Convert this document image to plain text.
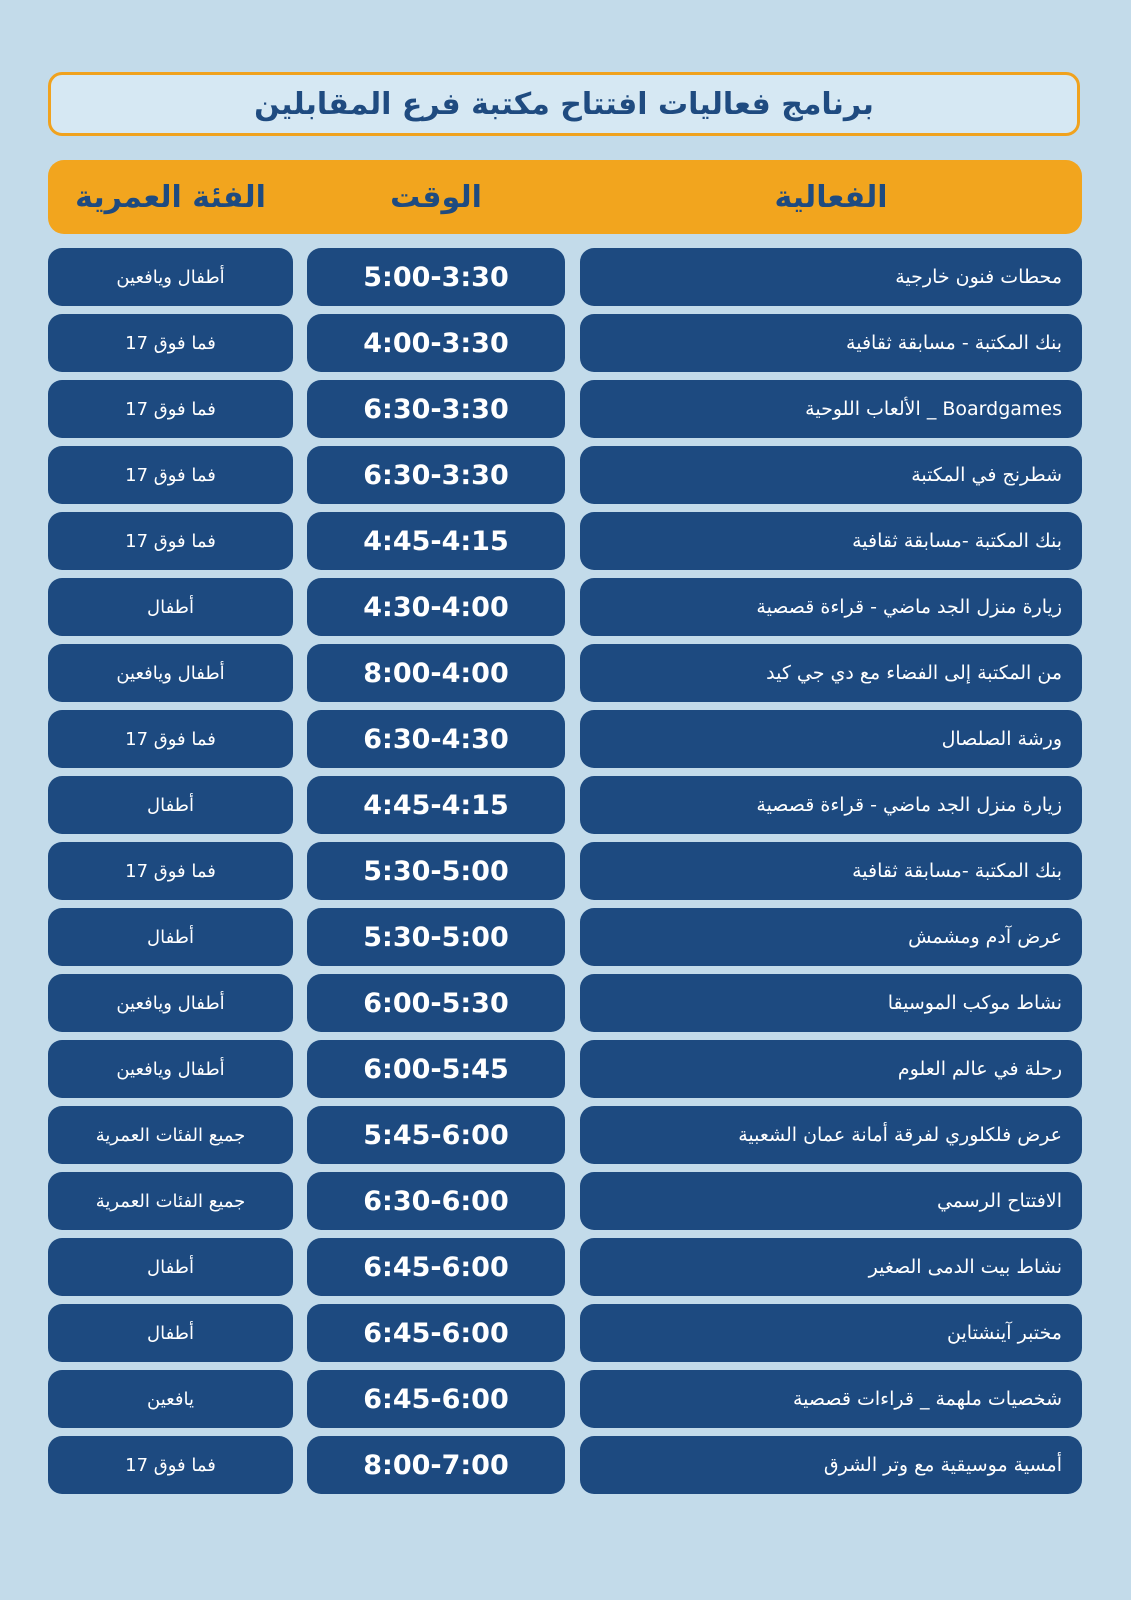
برنامج فعاليات افتتاح مكتبة فرع المقابلين
الفعالية
الوقت
الفئة العمرية
محطات فنون خارجية
5:00-3:30
أطفال ويافعين
بنك المكتبة - مسابقة ثقافية
4:00-3:30
فما فوق 17
Boardgames _ الألعاب اللوحية
6:30-3:30
فما فوق 17
شطرنج في المكتبة
6:30-3:30
فما فوق 17
بنك المكتبة -مسابقة ثقافية
4:45-4:15
فما فوق 17
زيارة منزل الجد ماضي - قراءة قصصية
4:30-4:00
أطفال
من المكتبة إلى الفضاء مع دي جي كيد
8:00-4:00
أطفال ويافعين
ورشة الصلصال
6:30-4:30
فما فوق 17
زيارة منزل الجد ماضي - قراءة قصصية
4:45-4:15
أطفال
بنك المكتبة -مسابقة ثقافية
5:30-5:00
فما فوق 17
عرض آدم ومشمش
5:30-5:00
أطفال
نشاط موكب الموسيقا
6:00-5:30
أطفال ويافعين
رحلة في عالم العلوم
6:00-5:45
أطفال ويافعين
عرض فلكلوري لفرقة أمانة عمان الشعبية
5:45-6:00
جميع الفئات العمرية
الافتتاح الرسمي
6:30-6:00
جميع الفئات العمرية
نشاط بيت الدمى الصغير
6:45-6:00
أطفال
مختبر آينشتاين
6:45-6:00
أطفال
شخصيات ملهمة _ قراءات قصصية
6:45-6:00
يافعين
أمسية موسيقية مع وتر الشرق
8:00-7:00
فما فوق 17
